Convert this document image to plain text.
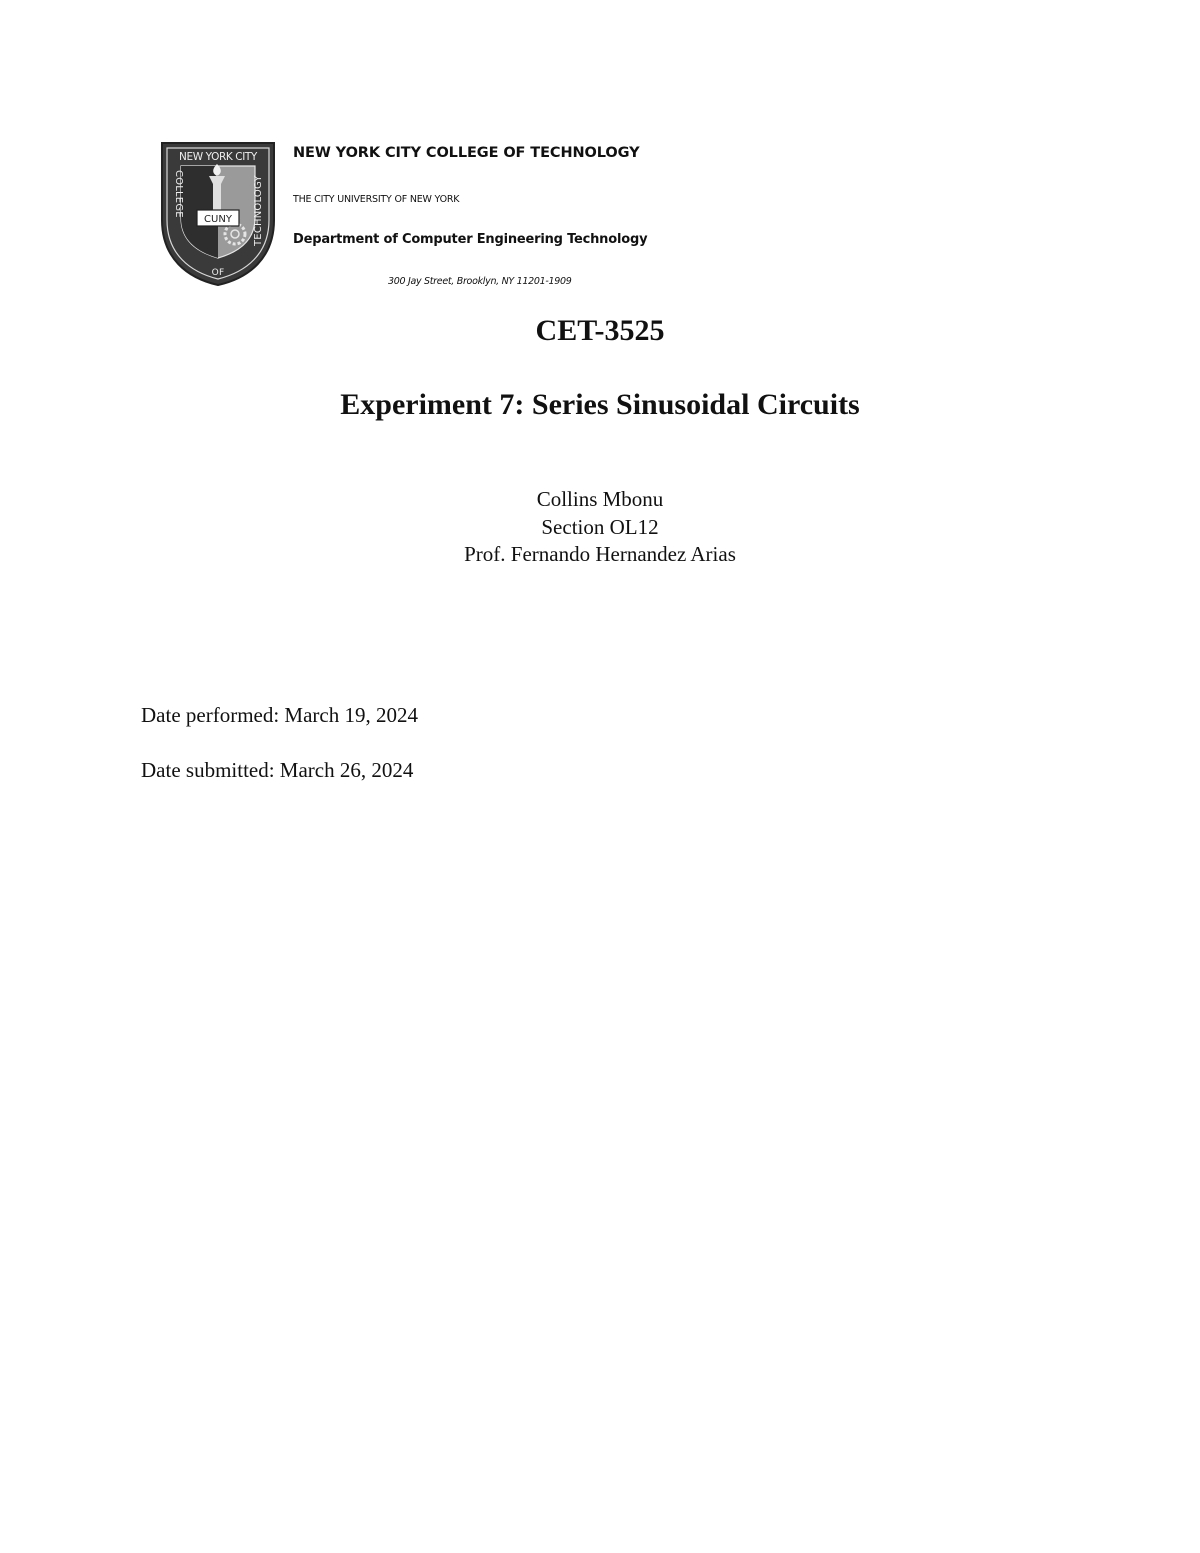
NEW YORK CITY
COLLEGE	TECHNOLOGY
OF
CUNY
NEW YORK CITY COLLEGE OF TECHNOLOGY
THE CITY UNIVERSITY OF NEW YORK
Department of Computer Engineering Technology
300 Jay Street, Brooklyn, NY 11201-1909
CET-3525
Experiment 7: Series Sinusoidal Circuits
Collins Mbonu
Section OL12
Prof. Fernando Hernandez Arias
Date performed: March 19, 2024
Date submitted: March 26, 2024
